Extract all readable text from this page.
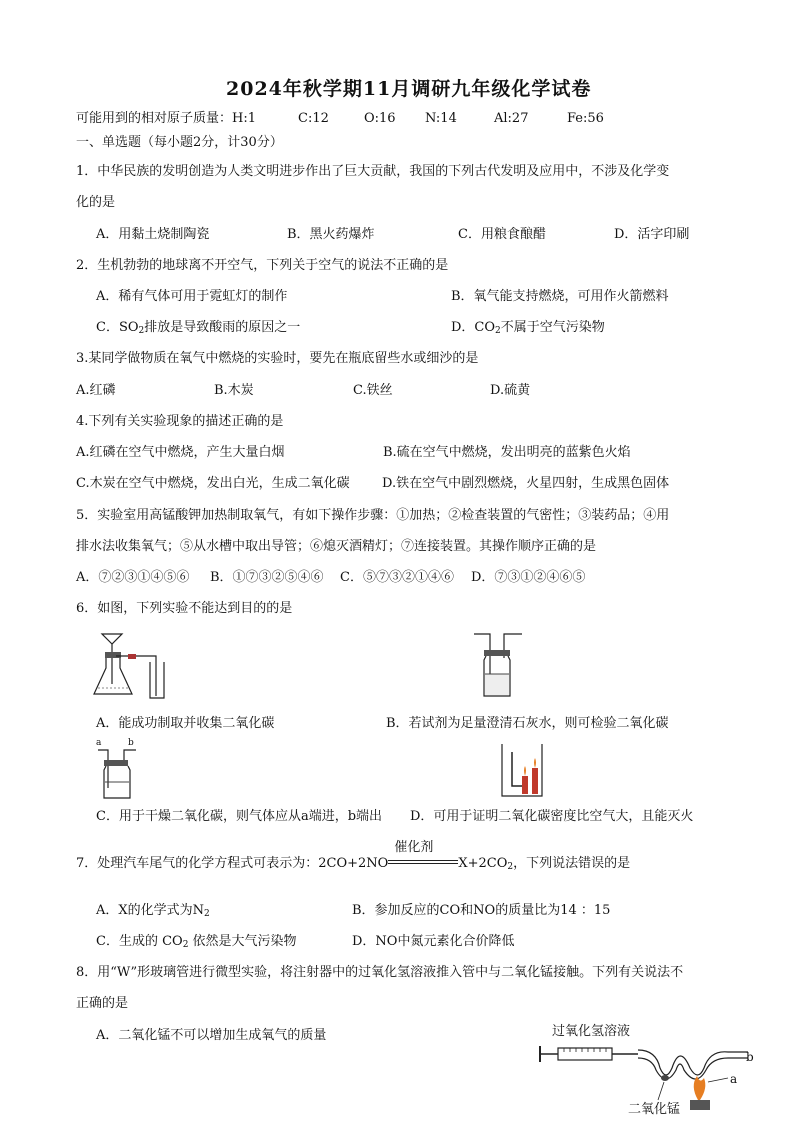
2024年秋学期11月调研九年级化学试卷
可能用到的相对原子质量：H:1	C:12	O:16 N:14	Al:27	Fe:56
一、单选题（每小题2分，计30分）
1．中华民族的发明创造为人类文明进步作出了巨大贡献，我国的下列古代发明及应用中，不涉及化学变
化的是
A．用黏土烧制陶瓷	B．黑火药爆炸	C．用粮食酿醋	D．活字印刷
2．生机勃勃的地球离不开空气，下列关于空气的说法不正确的是
A．稀有气体可用于霓虹灯的制作	B．氧气能支持燃烧，可用作火箭燃料
C．$SO_2$排放是导致酸雨的原因之一	D．$CO_2$不属于空气污染物
3.某同学做物质在氧气中燃烧的实验时，要先在瓶底留些水或细沙的是
A.红磷	B.木炭	C.铁丝	D.硫黄
4.下列有关实验现象的描述正确的是
A.红磷在空气中燃烧，产生大量白烟	B.硫在空气中燃烧，发出明亮的蓝紫色火焰
C.木炭在空气中燃烧，发出白光，生成二氧化碳 D.铁在空气中剧烈燃烧，火星四射，生成黑色固体
5．实验室用高锰酸钾加热制取氧气，有如下操作步骤：①加热；②检查装置的气密性；③装药品；④用
排水法收集氧气；⑤从水槽中取出导管；⑥熄灭酒精灯；⑦连接装置。其操作顺序正确的是
A．⑦②③①④⑤⑥ B．①⑦③②⑤④⑥ C．⑤⑦③②①④⑥ D．⑦③①②④⑥⑤
6．如图，下列实验不能达到目的的是
A．能成功制取并收集二氧化碳	B．若试剂为足量澄清石灰水，则可检验二氧化碳
a	b
C．用于干燥二氧化碳，则气体应从a端进，b端出 D．可用于证明二氧化碳密度比空气大，且能灭火
7．处理汽车尾气的化学方程式可表示为：2CO+2NO
催化剂
$X+2CO_2$，下列说法错误的是
A．X的化学式为$N_2$	B．参加反应的CO和NO的质量比为14 ：15
C．生成的 $CO_2$ 依然是大气污染物	D．NO中氮元素化合价降低
8．用“W”形玻璃管进行微型实验，将注射器中的过氧化氢溶液推入管中与二氧化锰接触。下列有关说法不
正确的是
A．二氧化锰不可以增加生成氧气的质量	过氧化氢溶液
b
a
二氧化锰
